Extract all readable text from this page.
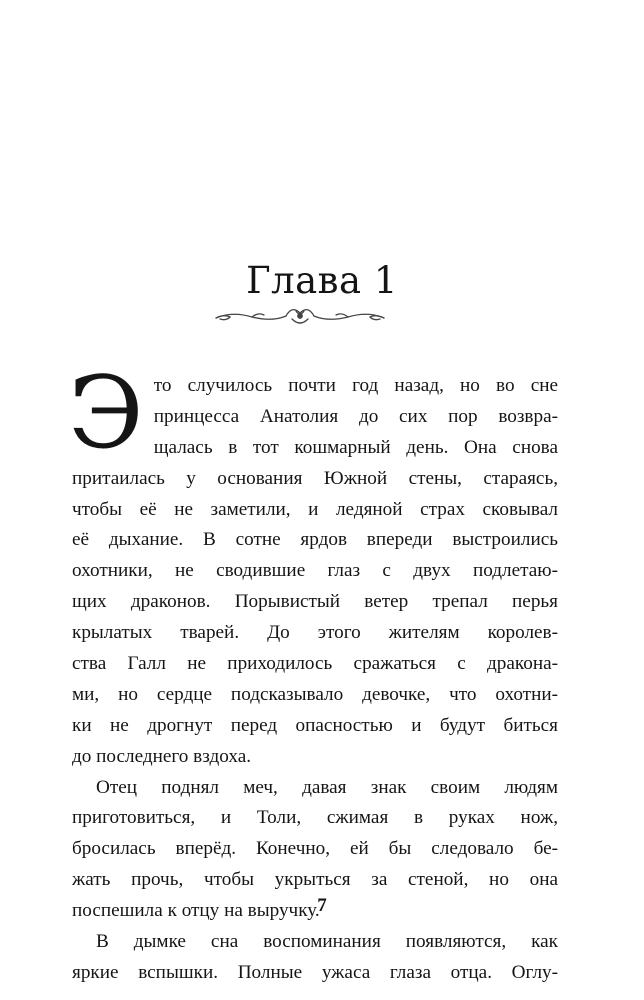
Глава 1

Э то случилось почти год назад, но во сне
принцесса Анатолия до сих пор возвра-
щалась в тот кошмарный день. Она снова
притаилась у основания Южной стены, стараясь,
чтобы её не заметили, и ледяной страх сковывал
её дыхание. В сотне ярдов впереди выстроились
охотники, не сводившие глаз с двух подлетаю-
щих драконов. Порывистый ветер трепал перья
крылатых тварей. До этого жителям королев-
ства Галл не приходилось сражаться с драконa-
ми, но сердце подсказывало девочке, что охотни-
ки не дрогнут перед опасностью и будут биться
до последнего вздоха.

Отец поднял меч, давая знак своим людям
приготовиться, и Толи, сжимая в руках нож,
бросилась вперёд. Конечно, ей бы следовало бе-
жать прочь, чтобы укрыться за стеной, но она
поспешила к отцу на выручку.

В дымке сна воспоминания появляются, как
яркие вспышки. Полные ужаса глаза отца. Оглу-

7
